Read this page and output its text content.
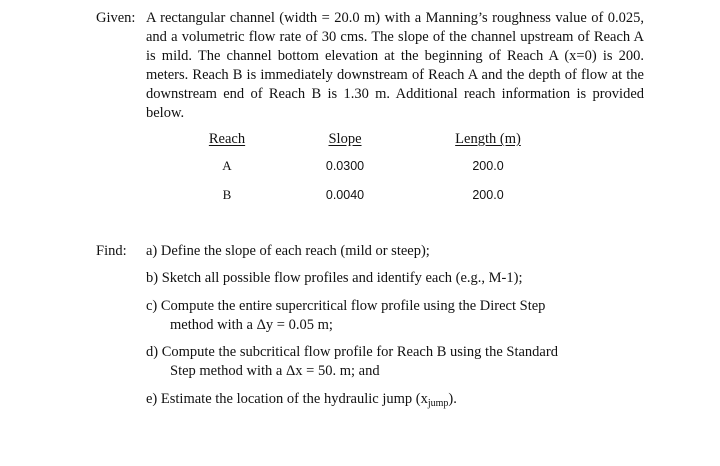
Given: A rectangular channel (width = 20.0 m) with a Manning’s roughness value of 0.025, and a volumetric flow rate of 30 cms. The slope of the channel upstream of Reach A is mild. The channel bottom elevation at the beginning of Reach A (x=0) is 200. meters. Reach B is immediately downstream of Reach A and the depth of flow at the downstream end of Reach B is 1.30 m. Additional reach information is provided below.
Reach	Slope	Length (m)
A	0.0300	200.0
B	0.0040	200.0
Find: a) Define the slope of each reach (mild or steep);
b) Sketch all possible flow profiles and identify each (e.g., M-1);
c) Compute the entire supercritical flow profile using the Direct Step
method with a Δy = 0.05 m;
d) Compute the subcritical flow profile for Reach B using the Standard
Step method with a Δx = 50. m; and
e) Estimate the location of the hydraulic jump $(x_{jump})$.
